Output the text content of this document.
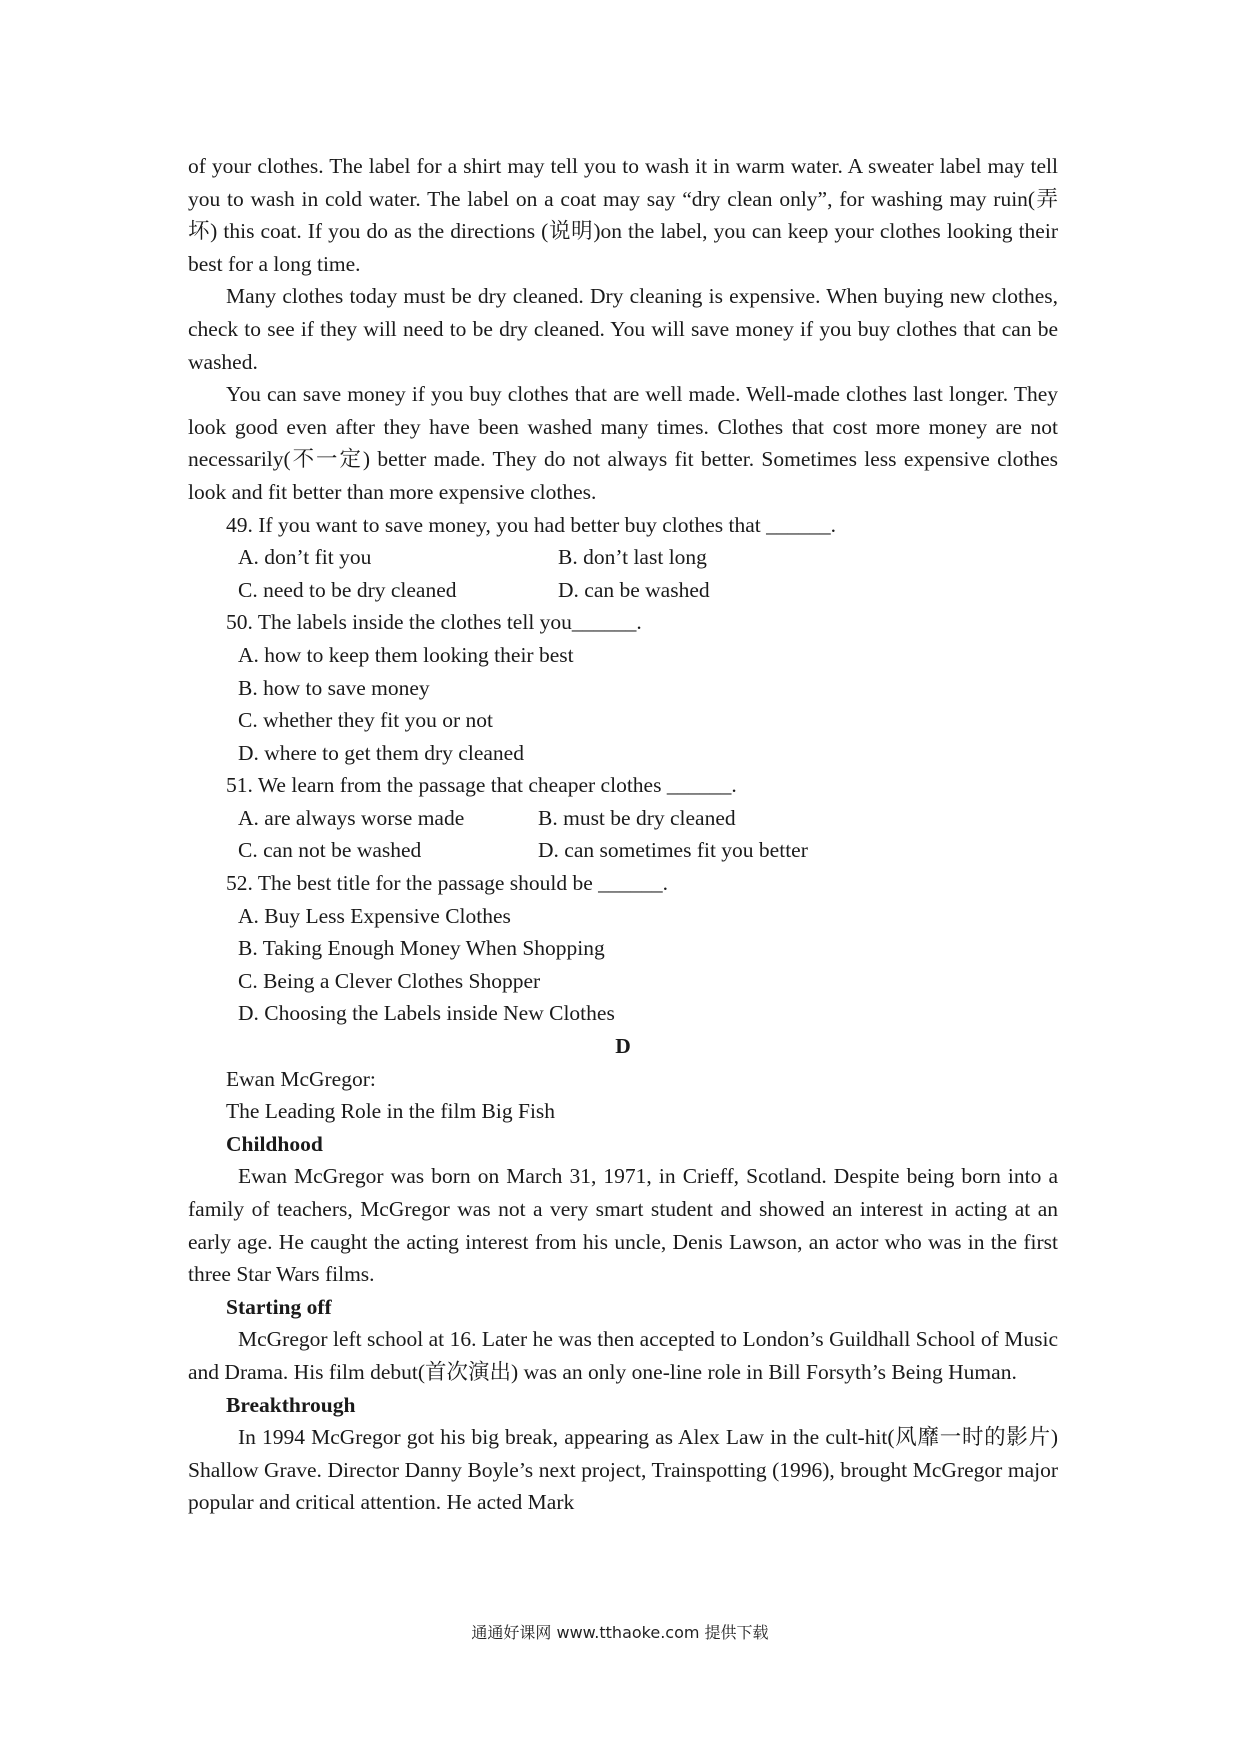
of your clothes. The label for a shirt may tell you to wash it in warm water. A sweater label may tell you to wash in cold water. The label on a coat may say “dry clean only”, for washing may ruin(弄坏) this coat. If you do as the directions (说明)on the label, you can keep your clothes looking their best for a long time.

Many clothes today must be dry cleaned. Dry cleaning is expensive. When buying new clothes, check to see if they will need to be dry cleaned. You will save money if you buy clothes that can be washed.

You can save money if you buy clothes that are well made. Well-made clothes last longer. They look good even after they have been washed many times. Clothes that cost more money are not necessarily(不一定) better made. They do not always fit better. Sometimes less expensive clothes look and fit better than more expensive clothes.

49. If you want to save money, you had better buy clothes that ______.

A. don’t fit you	B. don’t last long
C. need to be dry cleaned	D. can be washed

50. The labels inside the clothes tell you______.

A. how to keep them looking their best

B. how to save money

C. whether they fit you or not

D. where to get them dry cleaned

51. We learn from the passage that cheaper clothes ______.

A. are always worse made	B. must be dry cleaned
C. can not be washed	D. can sometimes fit you better

52. The best title for the passage should be ______.

A. Buy Less Expensive Clothes

B. Taking Enough Money When Shopping

C. Being a Clever Clothes Shopper

D. Choosing the Labels inside New Clothes

D

Ewan McGregor:

The Leading Role in the film Big Fish

Childhood

Ewan McGregor was born on March 31, 1971, in Crieff, Scotland. Despite being born into a family of teachers, McGregor was not a very smart student and showed an interest in acting at an early age. He caught the acting interest from his uncle, Denis Lawson, an actor who was in the first three Star Wars films.

Starting off

McGregor left school at 16. Later he was then accepted to London’s Guildhall School of Music and Drama. His film debut(首次演出) was an only one-line role in Bill Forsyth’s Being Human.

Breakthrough

In 1994 McGregor got his big break, appearing as Alex Law in the cult-hit(风靡一时的影片) Shallow Grave. Director Danny Boyle’s next project, Trainspotting (1996), brought McGregor major popular and critical attention. He acted Mark

通通好课网 www.tthaoke.com 提供下载
